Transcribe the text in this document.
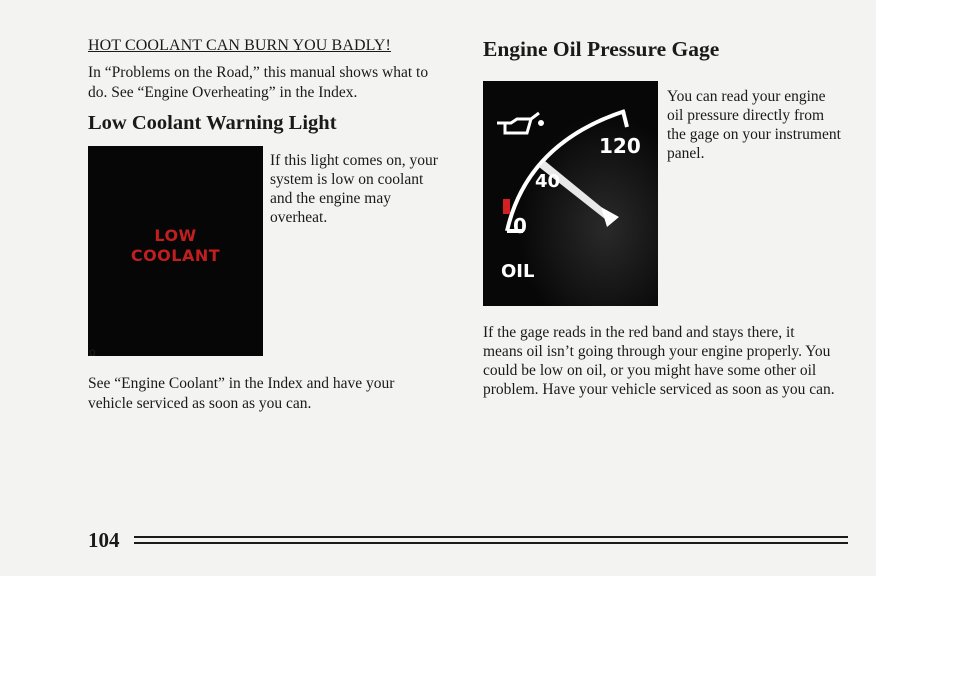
HOT COOLANT CAN BURN YOU BADLY!

In “Problems on the Road,” this manual shows what to
do. See “Engine Overheating” in the Index.

Low Coolant Warning Light
LOW
COOLANT
Ω

If this light comes on, your
system is low on coolant
and the engine may
overheat.

See “Engine Coolant” in the Index and have your
vehicle serviced as soon as you can.

Engine Oil Pressure Gage
120
40
0
OIL

You can read your engine
oil pressure directly from
the gage on your instrument
panel.

If the gage reads in the red band and stays there, it
means oil isn’t going through your engine properly. You
could be low on oil, or you might have some other oil
problem. Have your vehicle serviced as soon as you can.

104
